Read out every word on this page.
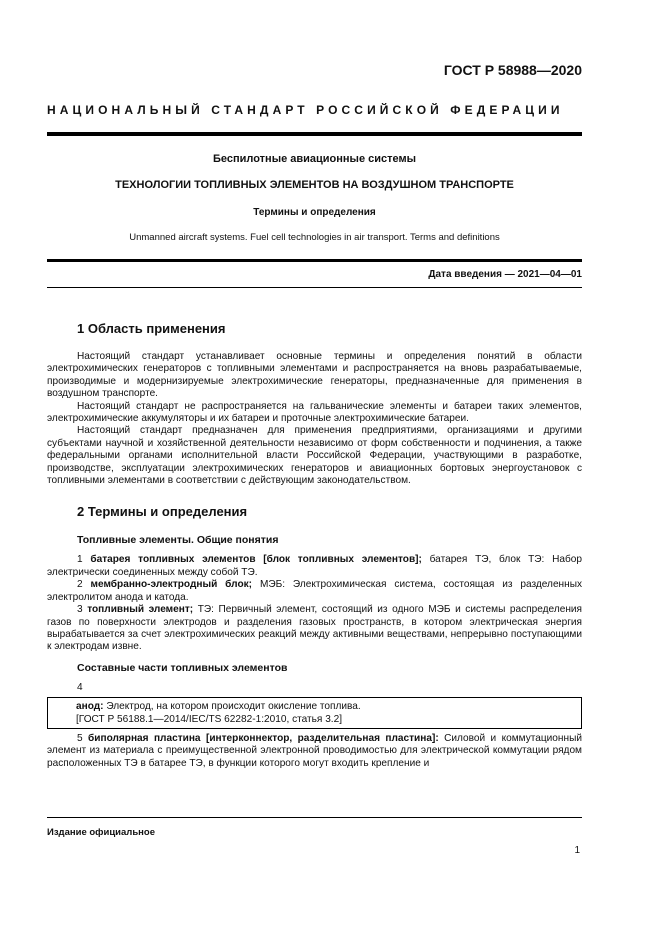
ГОСТ Р 58988—2020
НАЦИОНАЛЬНЫЙ СТАНДАРТ РОССИЙСКОЙ ФЕДЕРАЦИИ
Беспилотные авиационные системы
ТЕХНОЛОГИИ ТОПЛИВНЫХ ЭЛЕМЕНТОВ НА ВОЗДУШНОМ ТРАНСПОРТЕ
Термины и определения
Unmanned aircraft systems. Fuel cell technologies in air transport. Terms and definitions
Дата введения — 2021—04—01
1 Область применения

Настоящий стандарт устанавливает основные термины и определения понятий в области электрохимических генераторов с топливными элементами и распространяется на вновь разрабатываемые, производимые и модернизируемые электрохимические генераторы, предназначенные для применения в воздушном транспорте.

Настоящий стандарт не распространяется на гальванические элементы и батареи таких элементов, электрохимические аккумуляторы и их батареи и проточные электрохимические батареи.

Настоящий стандарт предназначен для применения предприятиями, организациями и другими субъектами научной и хозяйственной деятельности независимо от форм собственности и подчинения, а также федеральными органами исполнительной власти Российской Федерации, участвующими в разработке, производстве, эксплуатации электрохимических генераторов и авиационных бортовых энергоустановок с топливными элементами в соответствии с действующим законодательством.

2 Термины и определения
Топливные элементы. Общие понятия

1 батарея топливных элементов [блок топливных элементов]; батарея ТЭ, блок ТЭ: Набор электрически соединенных между собой ТЭ.

2 мембранно-электродный блок; МЭБ: Электрохимическая система, состоящая из разделенных электролитом анода и катода.

3 топливный элемент; ТЭ: Первичный элемент, состоящий из одного МЭБ и системы распределения газов по поверхности электродов и разделения газовых пространств, в котором электрическая энергия вырабатывается за счет электрохимических реакций между активными веществами, непрерывно поступающими к электродам извне.

Составные части топливных элементов
4
анод: Электрод, на котором происходит окисление топлива.
[ГОСТ Р 56188.1—2014/IEC/TS 62282-1:2010, статья 3.2]

5 биполярная пластина [интерконнектор, разделительная пластина]: Силовой и коммутационный элемент из материала с преимущественной электронной проводимостью для электрической коммутации рядом расположенных ТЭ в батарее ТЭ, в функции которого могут входить крепление и

Издание официальное
1
